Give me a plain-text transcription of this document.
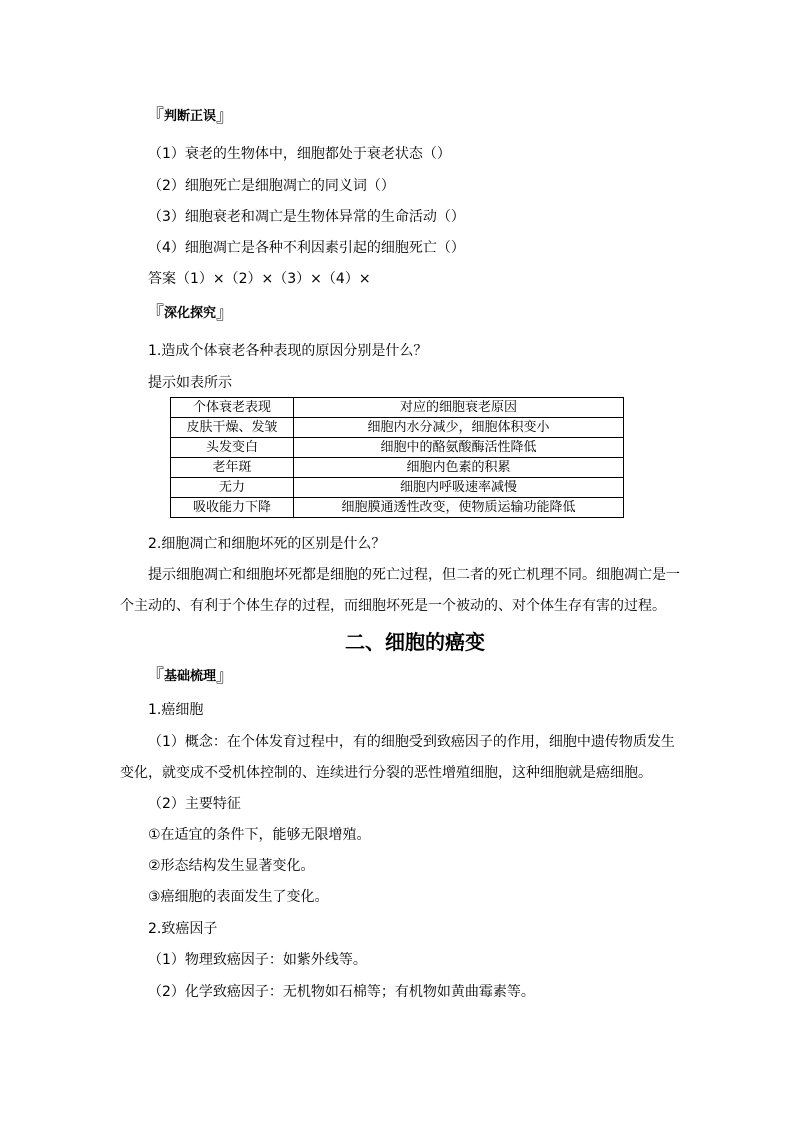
『判断正误』
（1）衰老的生物体中，细胞都处于衰老状态（）
（2）细胞死亡是细胞凋亡的同义词（）
（3）细胞衰老和凋亡是生物体异常的生命活动（）
（4）细胞凋亡是各种不利因素引起的细胞死亡（）
答案（1）×（2）×（3）×（4）×
『深化探究』
1.造成个体衰老各种表现的原因分别是什么？
提示如表所示
个体衰老表现	对应的细胞衰老原因
皮肤干燥、发皱	细胞内水分减少，细胞体积变小
头发变白	细胞中的酪氨酸酶活性降低
老年斑	细胞内色素的积累
无力	细胞内呼吸速率减慢
吸收能力下降	细胞膜通透性改变，使物质运输功能降低
2.细胞凋亡和细胞坏死的区别是什么？
提示细胞凋亡和细胞坏死都是细胞的死亡过程，但二者的死亡机理不同。细胞凋亡是一
个主动的、有利于个体生存的过程，而细胞坏死是一个被动的、对个体生存有害的过程。
二、细胞的癌变
『基础梳理』
1.癌细胞
（1）概念：在个体发育过程中，有的细胞受到致癌因子的作用，细胞中遗传物质发生
变化，就变成不受机体控制的、连续进行分裂的恶性增殖细胞，这种细胞就是癌细胞。
（2）主要特征
①在适宜的条件下，能够无限增殖。
②形态结构发生显著变化。
③癌细胞的表面发生了变化。
2.致癌因子
（1）物理致癌因子：如紫外线等。
（2）化学致癌因子：无机物如石棉等；有机物如黄曲霉素等。
